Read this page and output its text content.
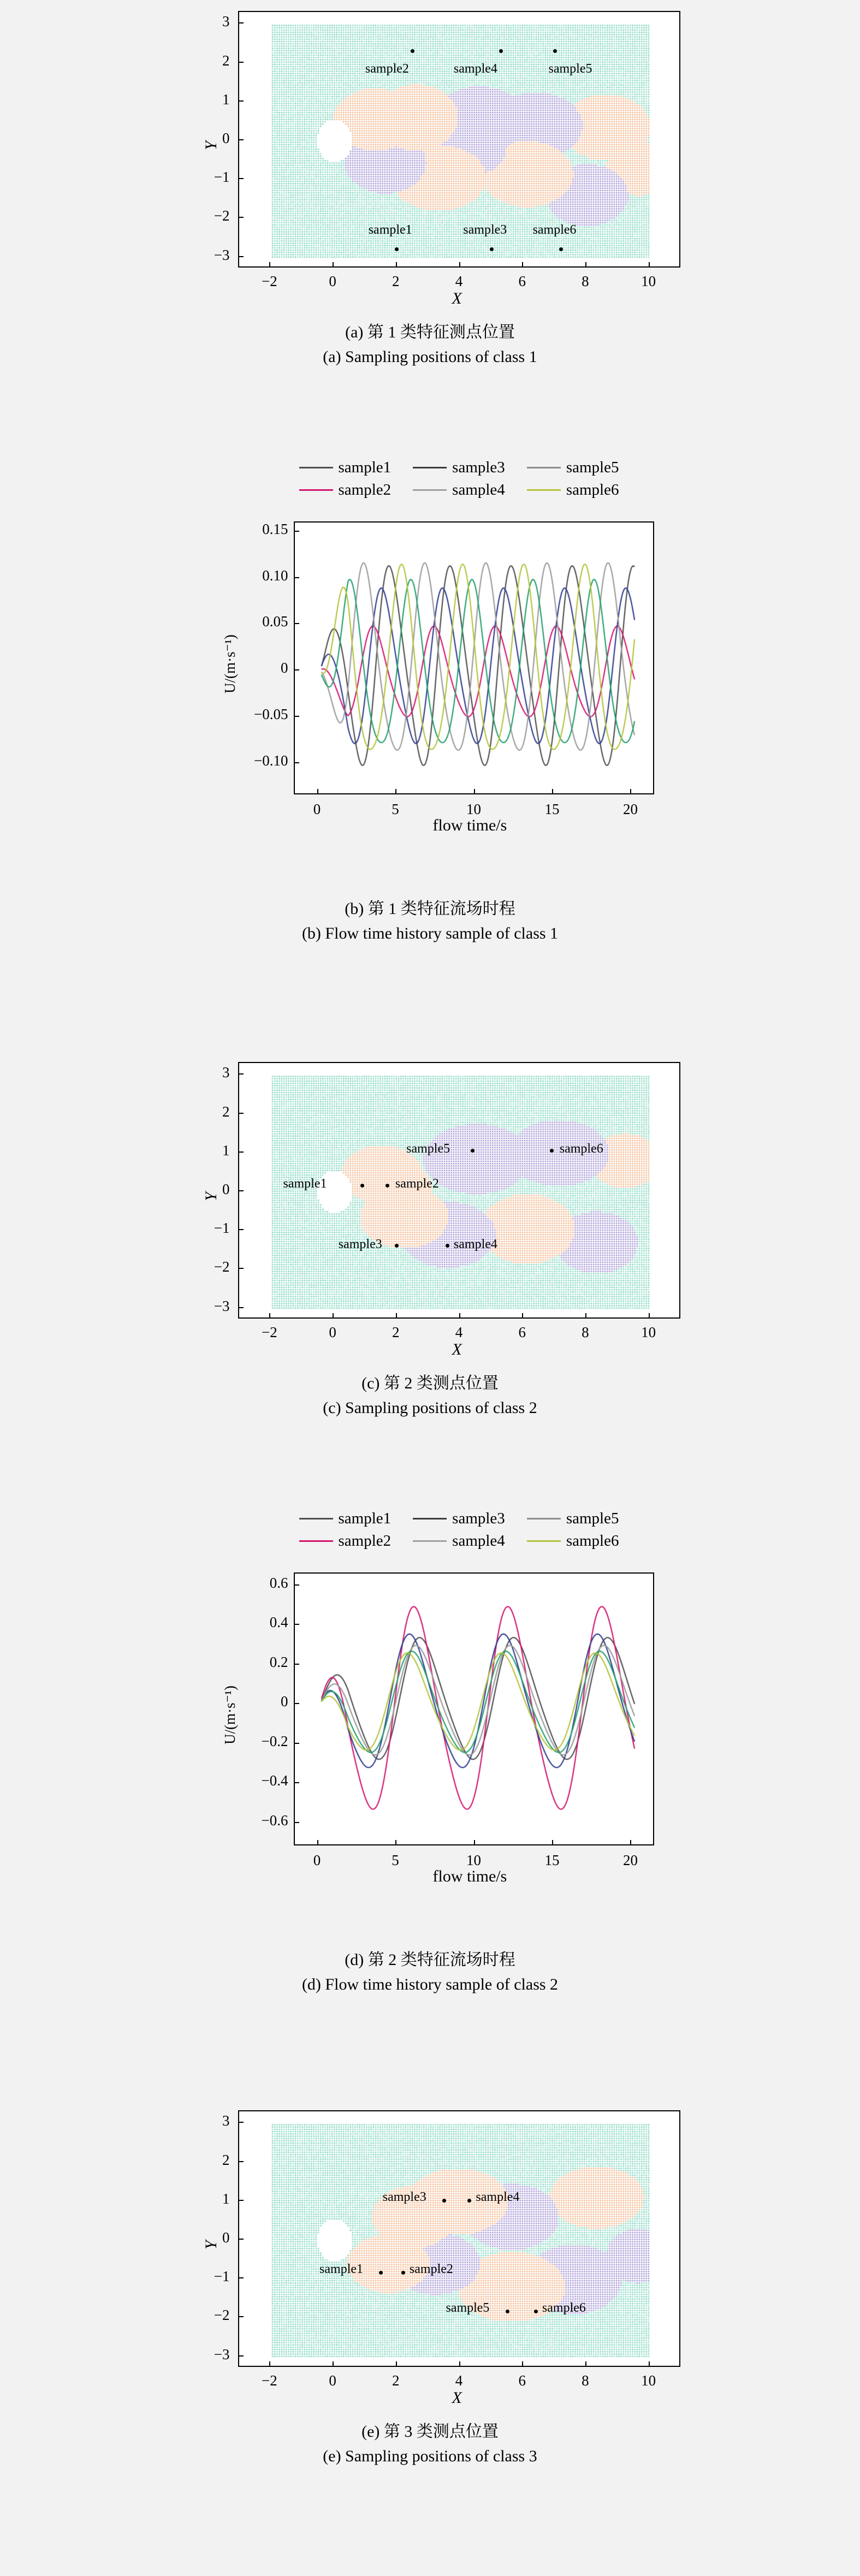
sample1
sample2
sample3
sample4	sample5
sample6
−2	0	2	4	6	8	10
−3
−2
−1
0
1
2
3
X
Y
(a) 第 1 类特征测点位置
(a) Sampling positions of class 1
sample1	sample3	sample5
sample2	sample4	sample6
0	5	10	15	20
−0.10
−0.05
0
0.05
0.10
0.15
flow time/s
U/(m·s⁻¹)
(b) 第 1 类特征流场时程
(b) Flow time history sample of class 1
sample1	sample2
sample3	sample4
sample5	sample6
−2	0	2	4	6	8	10
−3
−2
−1
0
1
2
3
X
Y
(c) 第 2 类测点位置
(c) Sampling positions of class 2
sample1	sample3	sample5
sample2	sample4	sample6
0	5	10	15	20
−0.6
−0.4
−0.2
0
0.2
0.4
0.6
flow time/s
U/(m·s⁻¹)
(d) 第 2 类特征流场时程
(d) Flow time history sample of class 2
sample1	sample2
sample3	sample4
sample5	sample6
−2	0	2	4	6	8	10
−3
−2
−1
0
1
2
3
X
Y
(e) 第 3 类测点位置
(e) Sampling positions of class 3
